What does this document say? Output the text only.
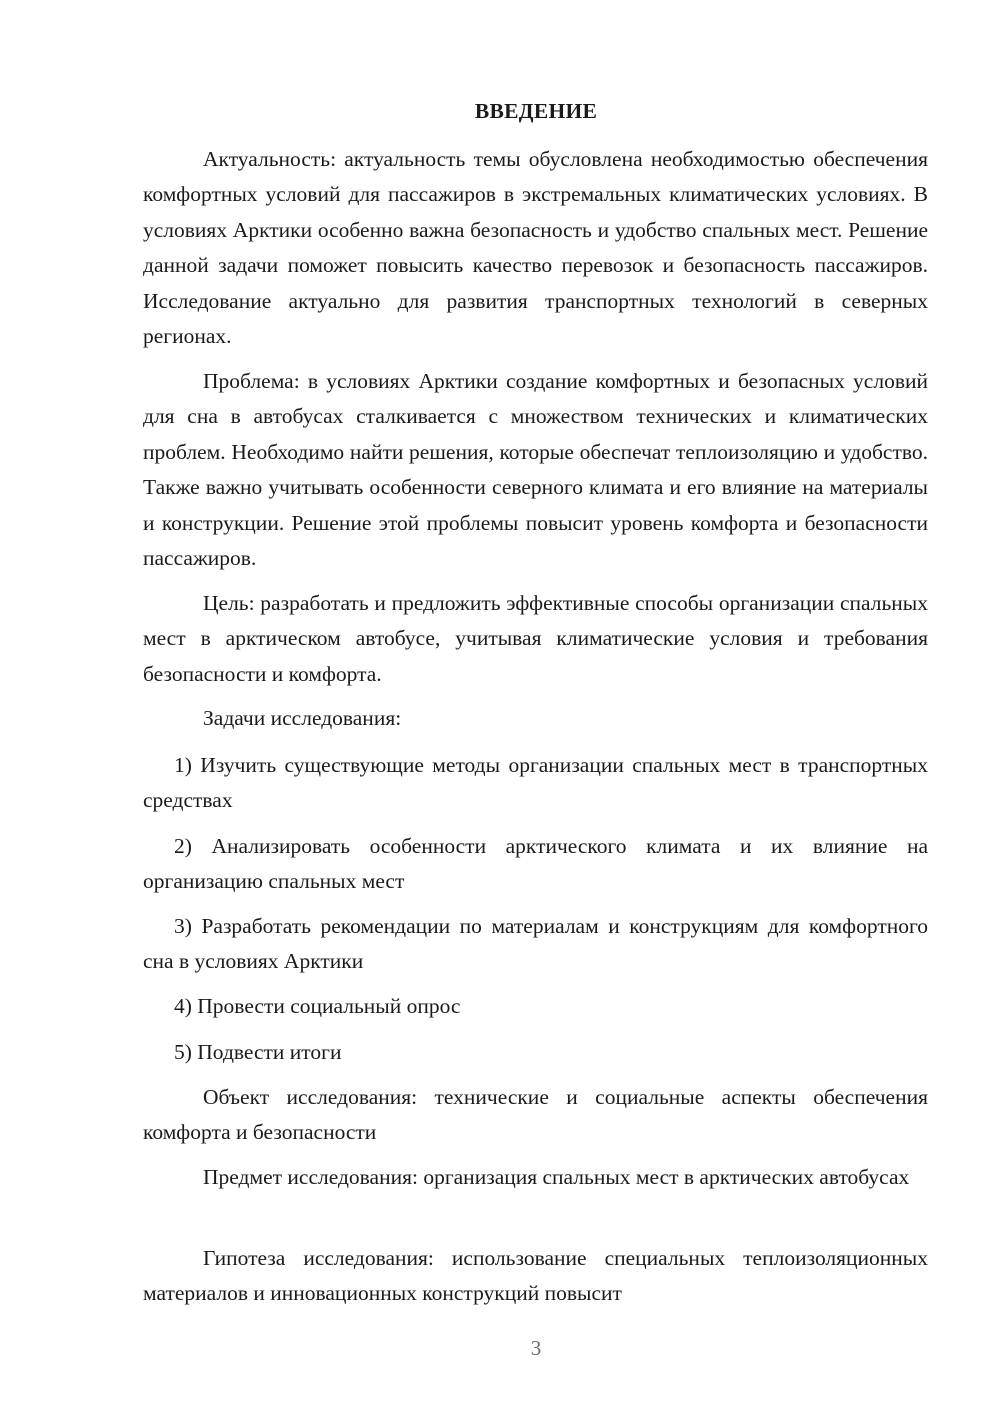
ВВЕДЕНИЕ

Актуальность: актуальность темы обусловлена необходимостью обеспечения комфортных условий для пассажиров в экстремальных климатических условиях. В условиях Арктики особенно важна безопасность и удобство спальных мест. Решение данной задачи поможет повысить качество перевозок и безопасность пассажиров. Исследование актуально для развития транспортных технологий в северных регионах.

Проблема: в условиях Арктики создание комфортных и безопасных условий для сна в автобусах сталкивается с множеством технических и климатических проблем. Необходимо найти решения, которые обеспечат теплоизоляцию и удобство. Также важно учитывать особенности северного климата и его влияние на материалы и конструкции. Решение этой проблемы повысит уровень комфорта и безопасности пассажиров.

Цель: разработать и предложить эффективные способы организации спальных мест в арктическом автобусе, учитывая климатические условия и требования безопасности и комфорта.

Задачи исследования:

1) Изучить существующие методы организации спальных мест в транспортных средствах

2) Анализировать особенности арктического климата и их влияние на организацию спальных мест

3) Разработать рекомендации по материалам и конструкциям для комфортного сна в условиях Арктики

4) Провести социальный опрос

5) Подвести итоги

Объект исследования: технические и социальные аспекты обеспечения комфорта и безопасности

Предмет исследования: организация спальных мест в арктических автобусах

Гипотеза исследования: использование специальных теплоизоляционных материалов и инновационных конструкций повысит

3
